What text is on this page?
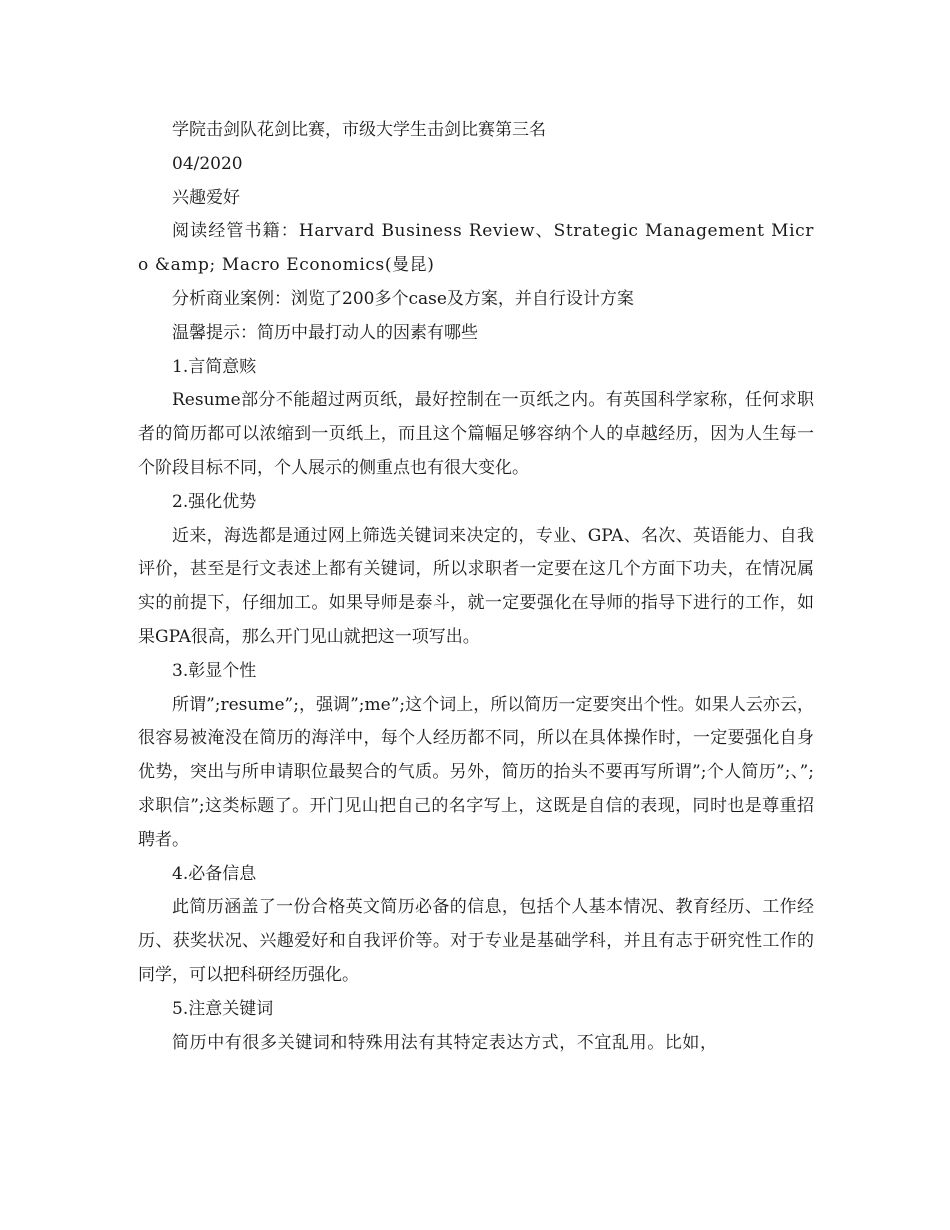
学院击剑队花剑比赛，市级大学生击剑比赛第三名

04/2020

兴趣爱好

阅读经管书籍：Harvard Business Review、Strategic Management Micro &amp; Macro Economics(曼昆)

分析商业案例：浏览了200多个case及方案，并自行设计方案

温馨提示：简历中最打动人的因素有哪些

1.言简意赅

Resume部分不能超过两页纸，最好控制在一页纸之内。有英国科学家称，任何求职者的简历都可以浓缩到一页纸上，而且这个篇幅足够容纳个人的卓越经历，因为人生每一个阶段目标不同，个人展示的侧重点也有很大变化。

2.强化优势

近来，海选都是通过网上筛选关键词来决定的，专业、GPA、名次、英语能力、自我评价，甚至是行文表述上都有关键词，所以求职者一定要在这几个方面下功夫，在情况属实的前提下，仔细加工。如果导师是泰斗，就一定要强化在导师的指导下进行的工作，如果GPA很高，那么开门见山就把这一项写出。

3.彰显个性

所谓”;resume”;，强调”;me”;这个词上，所以简历一定要突出个性。如果人云亦云，很容易被淹没在简历的海洋中，每个人经历都不同，所以在具体操作时，一定要强化自身优势，突出与所申请职位最契合的气质。另外，简历的抬头不要再写所谓”;个人简历”;、”;求职信”;这类标题了。开门见山把自己的名字写上，这既是自信的表现，同时也是尊重招聘者。

4.必备信息

此简历涵盖了一份合格英文简历必备的信息，包括个人基本情况、教育经历、工作经历、获奖状况、兴趣爱好和自我评价等。对于专业是基础学科，并且有志于研究性工作的同学，可以把科研经历强化。

5.注意关键词

简历中有很多关键词和特殊用法有其特定表达方式，不宜乱用。比如，
